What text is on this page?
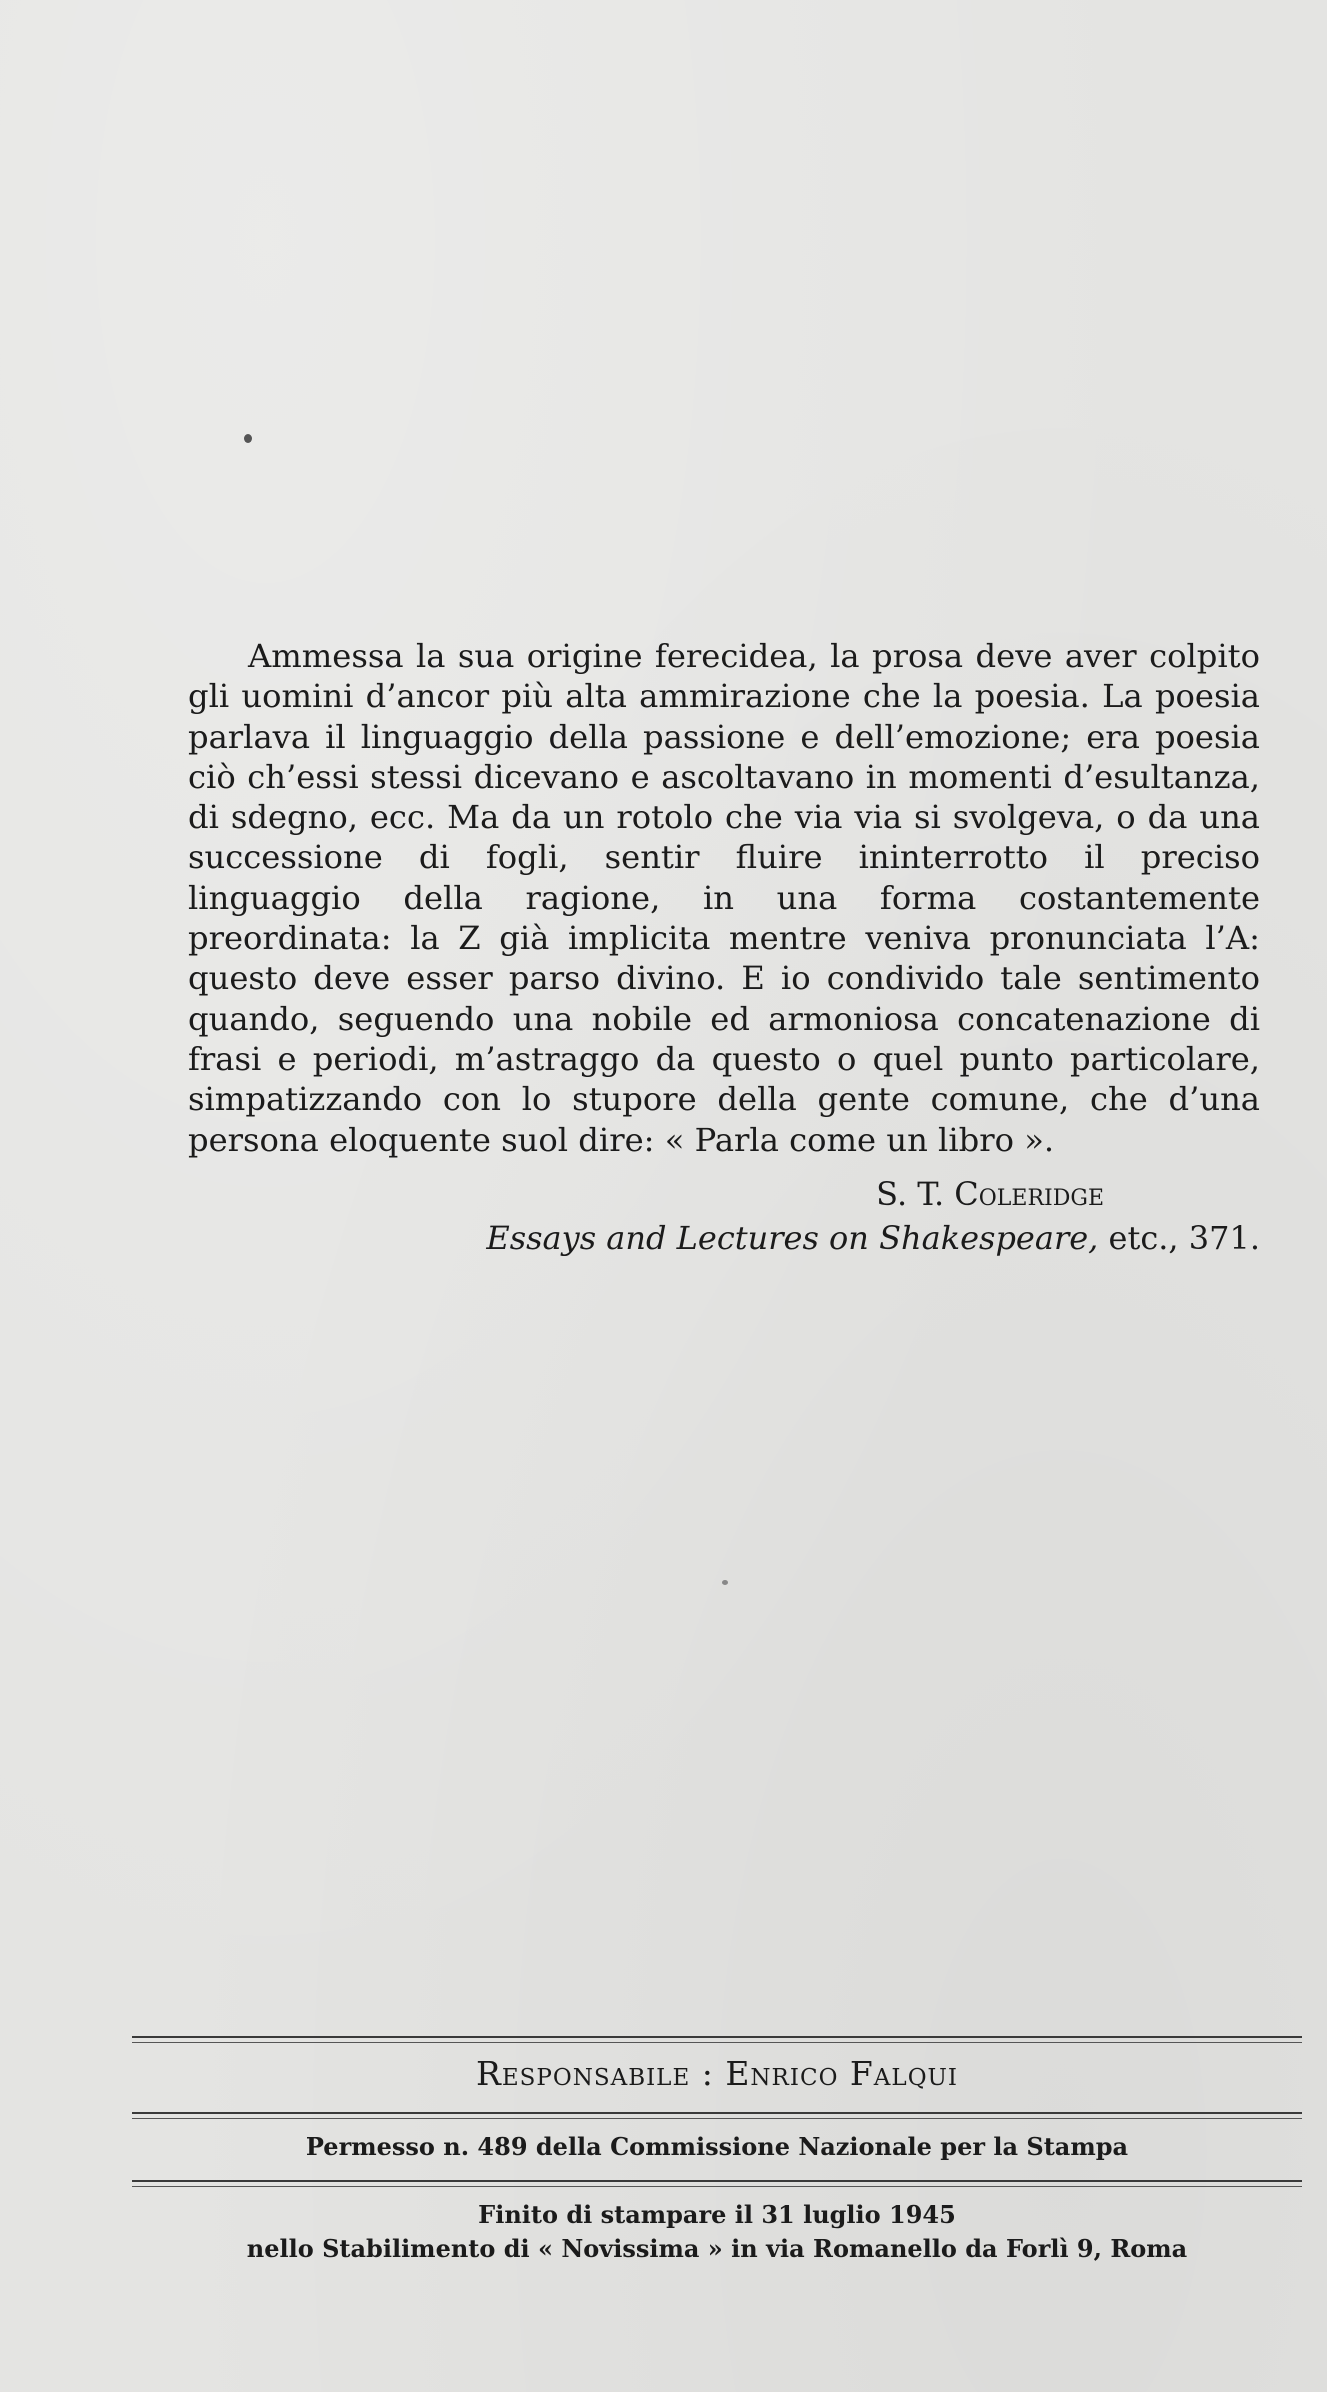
Ammessa la sua origine ferecidea, la prosa deve aver colpito gli uomini d’ancor più alta ammirazione che la poesia. La poesia parlava il linguaggio della passione e dell’emozione; era poesia ciò ch’essi stessi dicevano e ascoltavano in momenti d’esultanza, di sdegno, ecc. Ma da un rotolo che via via si svolgeva, o da una successione di fogli, sentir fluire ininterrotto il preciso linguaggio della ragione, in una forma costantemente preordinata: la Z già implicita mentre veniva pronunciata l’A: questo deve esser parso divino. E io condivido tale sentimento quando, seguendo una nobile ed armoniosa concatenazione di frasi e periodi, m’astraggo da questo o quel punto particolare, simpatizzando con lo stupore della gente comune, che d’una persona eloquente suol dire: « Parla come un libro ».

S. T. Coleridge
Essays and Lectures on Shakespeare, etc., 371.
Responsabile : Enrico Falqui
Permesso n. 489 della Commissione Nazionale per la Stampa
Finito di stampare il 31 luglio 1945
nello Stabilimento di « Novissima » in via Romanello da Forlì 9, Roma
